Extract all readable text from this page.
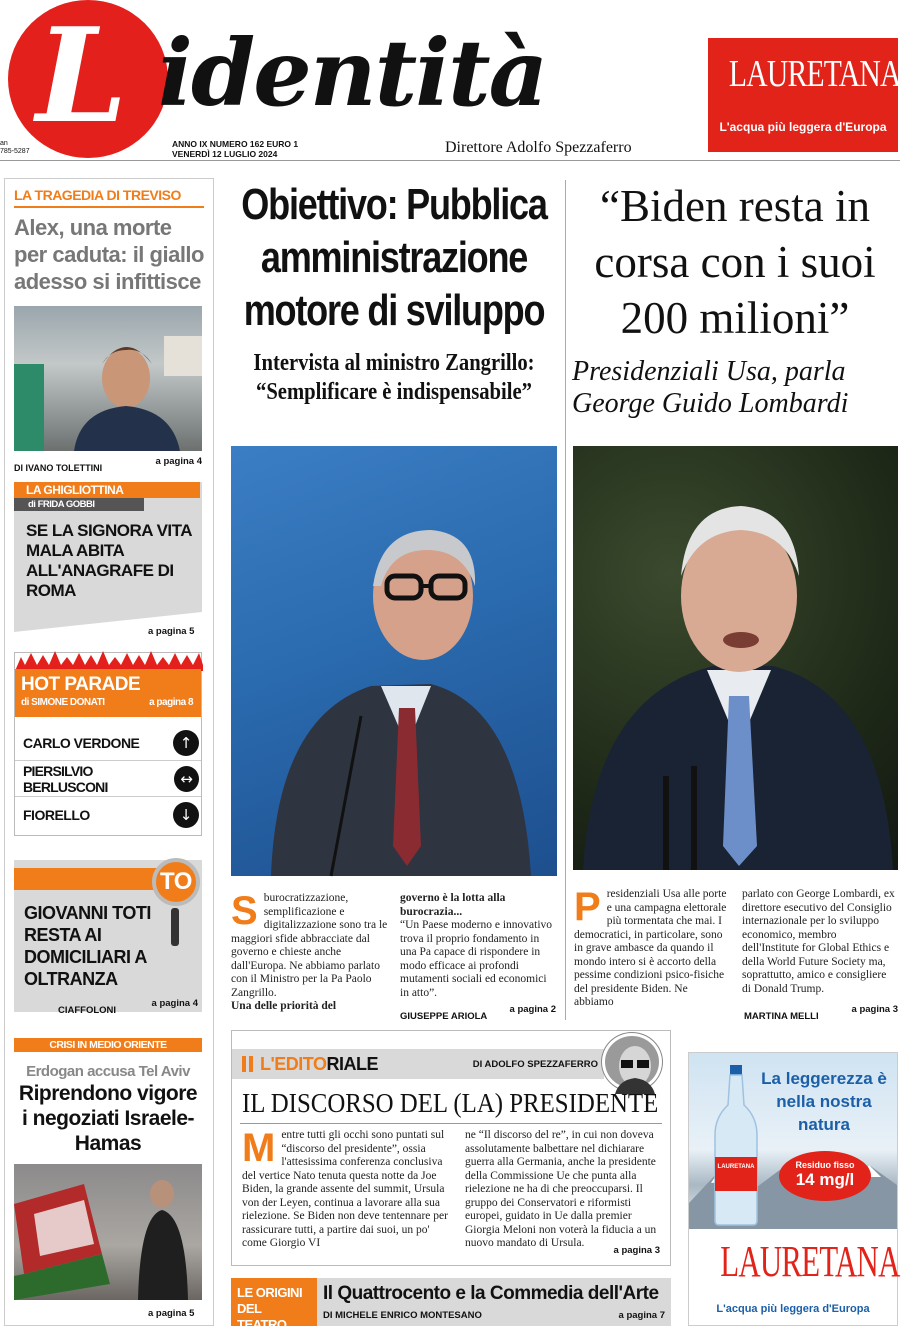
an
785-5287 L identità
ANNO IX NUMERO 162 EURO 1
VENERDÌ 12 LUGLIO 2024	Direttore Adolfo Spezzaferro
LAURETANA®
L'acqua più leggera d'Europa
LA TRAGEDIA DI TREVISO
Alex, una morte per caduta: il giallo adesso si infittisce
DI IVANO TOLETTINI
a pagina 4
LA GHIGLIOTTINA
di FRIDA GOBBI
SE LA SIGNORA VITA MALA ABITA ALL'ANAGRAFE DI ROMA
a pagina 5
HOT PARADE
di SIMONE DONATI	a pagina 8
CARLO VERDONE	↑
PIERSILVIO BERLUSCONI	↔
FIORELLO	↓
TO
GIOVANNI TOTI RESTA AI DOMICILIARI A OLTRANZA
CIAFFOLONI
a pagina 4
CRISI IN MEDIO ORIENTE
Erdogan accusa Tel Aviv
Riprendono vigore i negoziati Israele-Hamas
a pagina 5
Obiettivo: Pubblica amministrazione motore di sviluppo
Intervista al ministro Zangrillo: “Semplificare è indispensabile”
Sburocratizzazione, semplificazione e digitalizzazione sono tra le maggiori sfide abbracciate dal governo e chieste anche dall'Europa. Ne abbiamo parlato con il Ministro per la Pa Paolo Zangrillo.
Una delle priorità del
governo è la lotta alla burocrazia...
“Un Paese moderno e innovativo trova il proprio fondamento in una Pa capace di rispondere in modo efficace ai profondi mutamenti sociali ed economici in atto”.
GIUSEPPE ARIOLA
a pagina 2
“Biden resta in corsa con i suoi 200 milioni”
Presidenziali Usa, parla George Guido Lombardi
Presidenziali Usa alle porte e una campagna elettorale più tormentata che mai. I democratici, in particolare, sono in grave ambasce da quando il mondo intero si è accorto della pessime condizioni psico-fisiche del presidente Biden. Ne abbiamo
parlato con George Lombardi, ex direttore esecutivo del Consiglio internazionale per lo sviluppo economico, membro dell'Institute for Global Ethics e della World Future Society ma, soprattutto, amico e consigliere di Donald Trump.
MARTINA MELLI
a pagina 3
L'EDITORIALE	DI ADOLFO SPEZZAFERRO
IL DISCORSO DEL (LA) PRESIDENTE
Mentre tutti gli occhi sono puntati sul “discorso del presidente”, ossia l'attesissima conferenza conclusiva del vertice Nato tenuta questa notte da Joe Biden, la grande assente del summit, Ursula von der Leyen, continua a lavorare alla sua rielezione. Se Biden non deve tentennare per rassicurare tutti, a partire dai suoi, un po' come Giorgio VI
ne “Il discorso del re”, in cui non doveva assolutamente balbettare nel dichiarare guerra alla Germania, anche la presidente della Commissione Ue che punta alla rielezione ne ha di che preoccuparsi. Il gruppo dei Conservatori e riformisti europei, guidato in Ue dalla premier Giorgia Meloni non voterà la fiducia a un nuovo mandato di Ursula.
a pagina 3
LE ORIGINI DEL TEATRO
Il Quattrocento e la Commedia dell'Arte
DI MICHELE ENRICO MONTESANO	a pagina 7
LAURETANA
La leggerezza è nella nostra natura
Residuo fisso
14 mg/l
LAURETANA
L'acqua più leggera d'Europa
